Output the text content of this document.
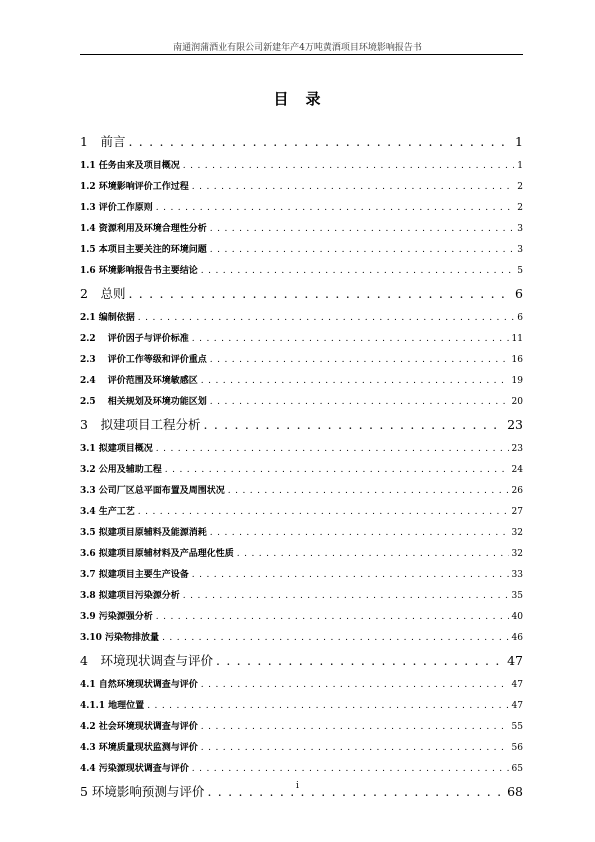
南通润蒲酒业有限公司新建年产4万吨黄酒项目环境影响报告书
目　录
1　前言 . . .	1
1.1 任务由来及项目概况 . . .	1
1.2 环境影响评价工作过程 . . .	2
1.3 评价工作原则 . . .	2
1.4 资源利用及环境合理性分析 . . .	3
1.5 本项目主要关注的环境问题 . . .	3
1.6 环境影响报告书主要结论 . . .	5
2　总则 . . .	6
2.1 编制依据 . . .	6
2.2　 评价因子与评价标准 . . .	11
2.3　 评价工作等级和评价重点 . . .	16
2.4　 评价范围及环境敏感区 . . .	19
2.5　 相关规划及环境功能区划 . . .	20
3　拟建项目工程分析 . . .	23
3.1 拟建项目概况 . . .	23
3.2 公用及辅助工程 . . .	24
3.3 公司厂区总平面布置及周围状况 . . .	26
3.4 生产工艺 . . .	27
3.5 拟建项目原辅料及能源消耗 . . .	32
3.6 拟建项目原辅材料及产品理化性质 . . .	32
3.7 拟建项目主要生产设备 . . .	33
3.8 拟建项目污染源分析 . . .	35
3.9 污染源强分析 . . .	40
3.10 污染物排放量 . . .	46
4　环境现状调查与评价 . . .	47
4.1 自然环境现状调查与评价 . . .	47
4.1.1 地理位置 . . .	47
4.2 社会环境现状调查与评价 . . .	55
4.3 环境质量现状监测与评价 . . .	56
4.4 污染源现状调查与评价 . . .	65
5 环境影响预测与评价 . . .	68
i
